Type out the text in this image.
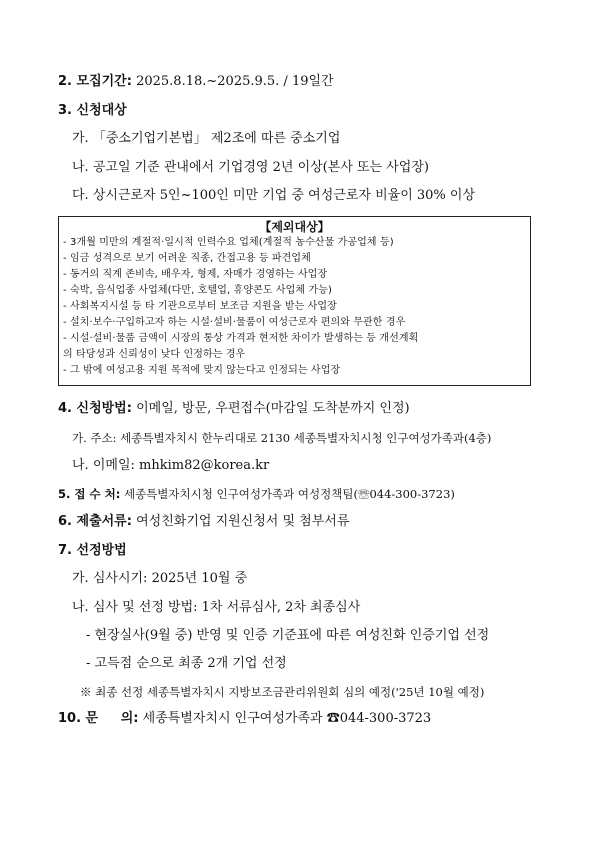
2. 모집기간: 2025.8.18.~2025.9.5. / 19일간
3. 신청대상
가. 「중소기업기본법」 제2조에 따른 중소기업
나. 공고일 기준 관내에서 기업경영 2년 이상(본사 또는 사업장)
다. 상시근로자 5인~100인 미만 기업 중 여성근로자 비율이 30% 이상
【제외대상】
- 3개월 미만의 계절적·일시적 인력수요 업체(계절적 농수산물 가공업체 등)
- 임금 성격으로 보기 어려운 직종, 간접고용 등 파견업체
- 동거의 직계 존비속, 배우자, 형제, 자매가 경영하는 사업장
- 숙박, 음식업종 사업체(다만, 호텔업, 휴양콘도 사업체 가능)
- 사회복지시설 등 타 기관으로부터 보조금 지원을 받는 사업장
- 설치·보수·구입하고자 하는 시설·설비·물품이 여성근로자 편의와 무관한 경우
- 시설·설비·물품 금액이 시장의 통상 가격과 현저한 차이가 발생하는 등 개선계획
의 타당성과 신뢰성이 낮다 인정하는 경우
- 그 밖에 여성고용 지원 목적에 맞지 않는다고 인정되는 사업장
4. 신청방법: 이메일, 방문, 우편접수(마감일 도착분까지 인정)
가. 주소: 세종특별자치시 한누리대로 2130 세종특별자치시청 인구여성가족과(4층)
나. 이메일: mhkim82@korea.kr
5. 접 수 처: 세종특별자치시청 인구여성가족과 여성정책팀(☏044-300-3723)
6. 제출서류: 여성친화기업 지원신청서 및 첨부서류
7. 선정방법
가. 심사시기: 2025년 10월 중
나. 심사 및 선정 방법: 1차 서류심사, 2차 최종심사
- 현장실사(9월 중) 반영 및 인증 기준표에 따른 여성친화 인증기업 선정
- 고득점 순으로 최종 2개 기업 선정
※ 최종 선정 세종특별자치시 지방보조금관리위원회 심의 예정('25년 10월 예정)
10. 문     의: 세종특별자치시 인구여성가족과 ☎044-300-3723
